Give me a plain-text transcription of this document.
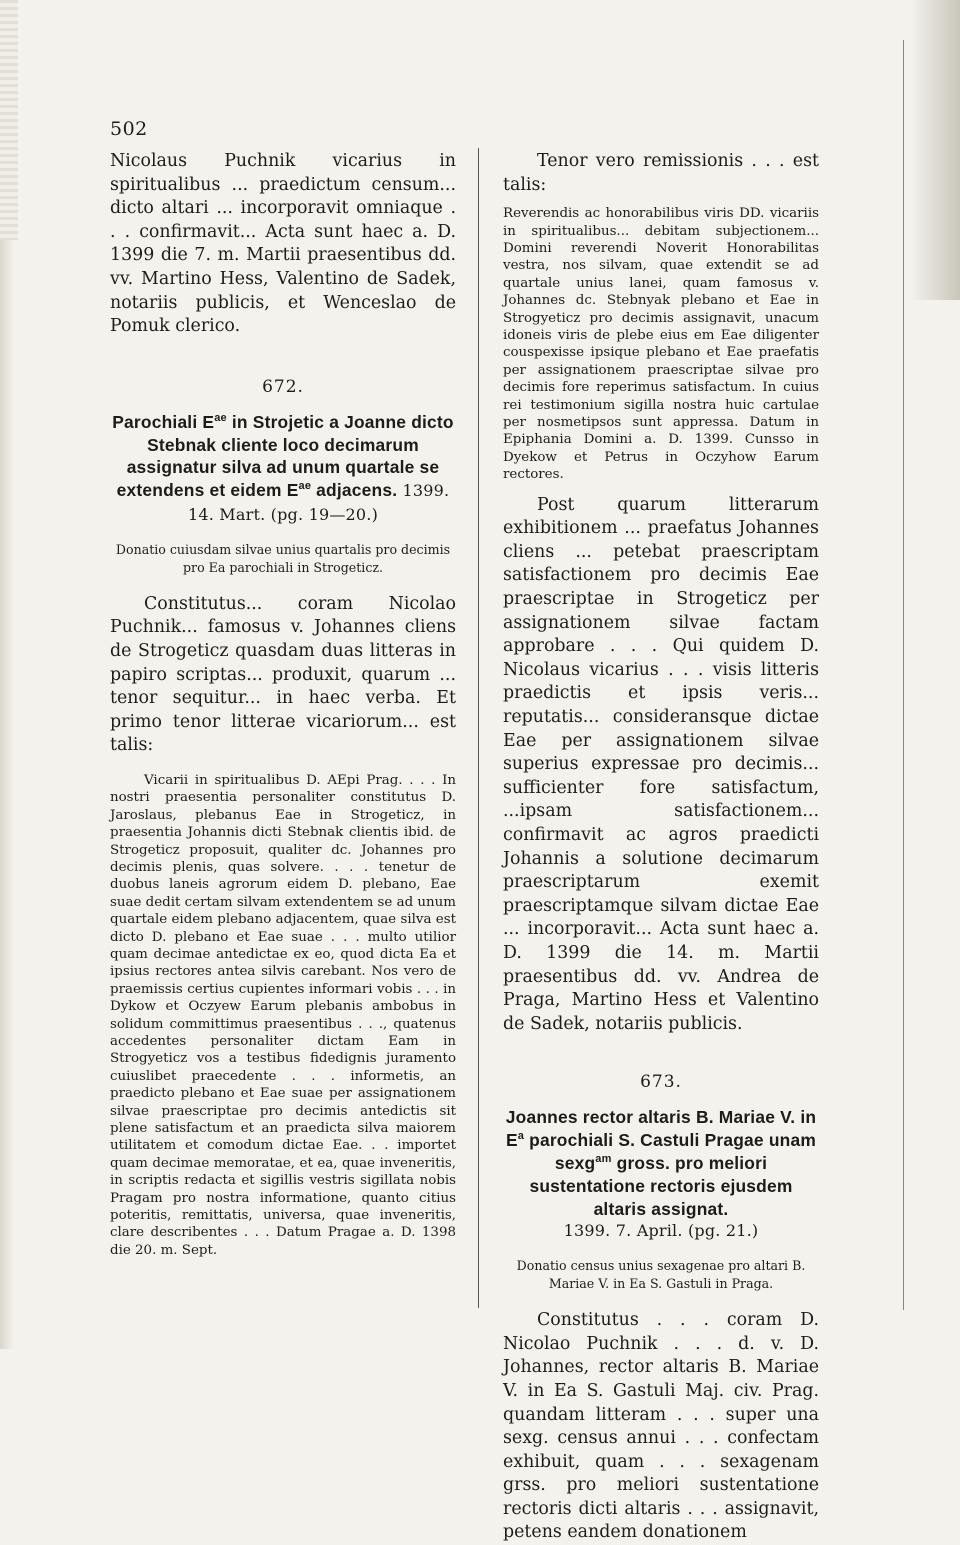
502

Nicolaus Puchnik vicarius in spiritualibus ... praedictum censum... dicto altari ... incorporavit omniaque . . . confirmavit... Acta sunt haec a. D. 1399 die 7. m. Martii praesentibus dd. vv. Martino Hess, Valentino de Sadek, notariis publicis, et Wenceslao de Pomuk clerico.

672.

Parochiali $E^{ae}$ in Strojetic a Joanne dicto Stebnak cliente loco decimarum assignatur silva ad unum quartale se extendens et eidem $E^{ae}$ adjacens. 1399. 14. Mart. (pg. 19—20.)

Donatio cuiusdam silvae unius quartalis pro decimis pro Ea parochiali in Strogeticz.

Constitutus... coram Nicolao Puchnik... famosus v. Johannes cliens de Strogeticz quasdam duas litteras in papiro scriptas... produxit, quarum ... tenor sequitur... in haec verba. Et primo tenor litterae vicariorum... est talis:

Vicarii in spiritualibus D. AEpi Prag. . . . In nostri praesentia personaliter constitutus D. Jaroslaus, plebanus Eae in Strogeticz, in praesentia Johannis dicti Stebnak clientis ibid. de Strogeticz proposuit, qualiter dc. Johannes pro decimis plenis, quas solvere. . . . tenetur de duobus laneis agrorum eidem D. plebano, Eae suae dedit certam silvam extendentem se ad unum quartale eidem plebano adjacentem, quae silva est dicto D. plebano et Eae suae . . . multo utilior quam decimae antedictae ex eo, quod dicta Ea et ipsius rectores antea silvis carebant. Nos vero de praemissis certius cupientes informari vobis . . . in Dykow et Oczyew Earum plebanis ambobus in solidum committimus praesentibus . . ., quatenus accedentes personaliter dictam Eam in Strogyeticz vos a testibus fidedignis juramento cuiuslibet praecedente . . . informetis, an praedicto plebano et Eae suae per assignationem silvae praescriptae pro decimis antedictis sit plene satisfactum et an praedicta silva maiorem utilitatem et comodum dictae Eae. . . importet quam decimae memoratae, et ea, quae inveneritis, in scriptis redacta et sigillis vestris sigillata nobis Pragam pro nostra informatione, quanto citius poteritis, remittatis, universa, quae inveneritis, clare describentes . . . Datum Pragae a. D. 1398 die 20. m. Sept.

Tenor vero remissionis . . . est talis:

Reverendis ac honorabilibus viris DD. vicariis in spiritualibus... debitam subjectionem... Domini reverendi Noverit Honorabilitas vestra, nos silvam, quae extendit se ad quartale unius lanei, quam famosus v. Johannes dc. Stebnyak plebano et Eae in Strogyeticz pro decimis assignavit, unacum idoneis viris de plebe eius em Eae diligenter couspexisse ipsique plebano et Eae praefatis per assignationem praescriptae silvae pro decimis fore reperimus satisfactum. In cuius rei testimonium sigilla nostra huic cartulae per nosmetipsos sunt appressa. Datum in Epiphania Domini a. D. 1399. Cunsso in Dyekow et Petrus in Oczyhow Earum rectores.

Post quarum litterarum exhibitionem ... praefatus Johannes cliens ... petebat praescriptam satisfactionem pro decimis Eae praescriptae in Strogeticz per assignationem silvae factam approbare . . . Qui quidem D. Nicolaus vicarius . . . visis litteris praedictis et ipsis veris... reputatis... consideransque dictae Eae per assignationem silvae superius expressae pro decimis... sufficienter fore satisfactum, ...ipsam satisfactionem... confirmavit ac agros praedicti Johannis a solutione decimarum praescriptarum exemit praescriptamque silvam dictae Eae ... incorporavit... Acta sunt haec a. D. 1399 die 14. m. Martii praesentibus dd. vv. Andrea de Praga, Martino Hess et Valentino de Sadek, notariis publicis.

673.

Joannes rector altaris B. Mariae V. in $E^a$ parochiali S. Castuli Pragae unam sexg$^{am}$ gross. pro meliori sustentatione rectoris ejusdem altaris assignat.

1399. 7. April. (pg. 21.)

Donatio census unius sexagenae pro altari B. Mariae V. in Ea S. Gastuli in Praga.

Constitutus . . . coram D. Nicolao Puchnik . . . d. v. D. Johannes, rector altaris B. Mariae V. in Ea S. Gastuli Maj. civ. Prag. quandam litteram . . . super una sexg. census annui . . . confectam exhibuit, quam . . . sexagenam grss. pro meliori sustentatione rectoris dicti altaris . . . assignavit, petens eandem donationem
